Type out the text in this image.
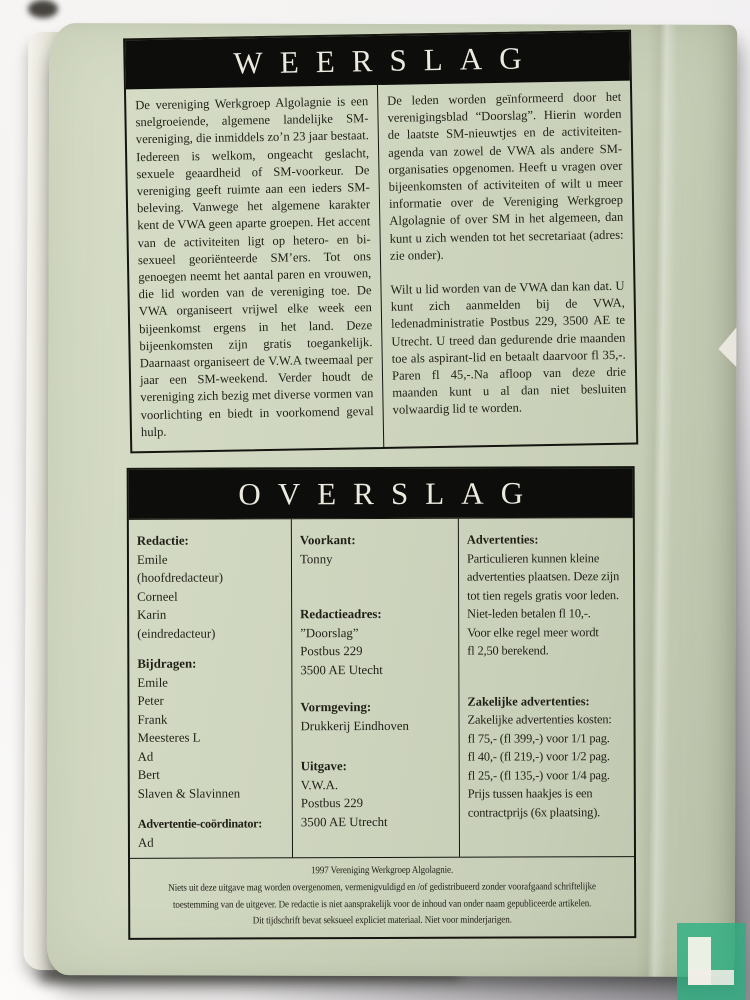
WEERSLAG

De vereniging Werkgroep Algolagnie is een snelgroeiende, algemene landelijke SM-vereniging, die inmiddels zo’n 23 jaar bestaat. Iedereen is welkom, ongeacht geslacht, sexuele geaardheid of SM-voorkeur. De vereniging geeft ruimte aan een ieders SM-beleving. Vanwege het algemene karakter kent de VWA geen aparte groepen. Het accent van de activiteiten ligt op hetero- en bi-sexueel georiënteerde SM’ers. Tot ons genoegen neemt het aantal paren en vrouwen, die lid worden van de vereniging toe. De VWA organiseert vrijwel elke week een bijeenkomst ergens in het land. Deze bijeenkomsten zijn gratis toegankelijk. Daarnaast organiseert de V.W.A tweemaal per jaar een SM-weekend. Verder houdt de vereniging zich bezig met diverse vormen van voorlichting en biedt in voorkomend geval hulp.

De leden worden geïnformeerd door het verenigingsblad “Doorslag”. Hierin worden de laatste SM-nieuwtjes en de activiteiten-agenda van zowel de VWA als andere SM-organisaties opgenomen. Heeft u vragen over bijeenkomsten of activiteiten of wilt u meer informatie over de Vereniging Werkgroep Algolagnie of over SM in het algemeen, dan kunt u zich wenden tot het secretariaat (adres: zie onder).

Wilt u lid worden van de VWA dan kan dat. U kunt zich aanmelden bij de VWA, ledenadministratie Postbus 229, 3500 AE te Utrecht. U treed dan gedurende drie maanden toe als aspirant-lid en betaalt daarvoor fl 35,-. Paren fl 45,-.Na afloop van deze drie maanden kunt u al dan niet besluiten volwaardig lid te worden.

OVERSLAG
Redactie:
Emile
(hoofdredacteur)
Corneel
Karin
(eindredacteur)
Bijdragen:
Emile
Peter
Frank
Meesteres L
Ad
Bert
Slaven & Slavinnen
Advertentie-coördinator:
Ad
Voorkant:
Tonny
Redactieadres:
”Doorslag”
Postbus 229
3500 AE Utecht
Vormgeving:
Drukkerij Eindhoven
Uitgave:
V.W.A.
Postbus 229
3500 AE Utrecht
Advertenties:
Particulieren kunnen kleine
advertenties plaatsen. Deze zijn
tot tien regels gratis voor leden.
Niet-leden betalen fl 10,-.
Voor elke regel meer wordt
fl 2,50 berekend.
Zakelijke advertenties:
Zakelijke advertenties kosten:
fl 75,- (fl 399,-) voor 1/1 pag.
fl 40,- (fl 219,-) voor 1/2 pag.
fl 25,- (fl 135,-) voor 1/4 pag.
Prijs tussen haakjes is een
contractprijs (6x plaatsing).
1997 Vereniging Werkgroep Algolagnie.
Niets uit deze uitgave mag worden overgenomen, vermenigvuldigd en /of gedistribueerd zonder voorafgaand schriftelijke
toestemming van de uitgever. De redactie is niet aansprakelijk voor de inhoud van onder naam gepubliceerde artikelen.
Dit tijdschrift bevat seksueel expliciet materiaal. Niet voor minderjarigen.
